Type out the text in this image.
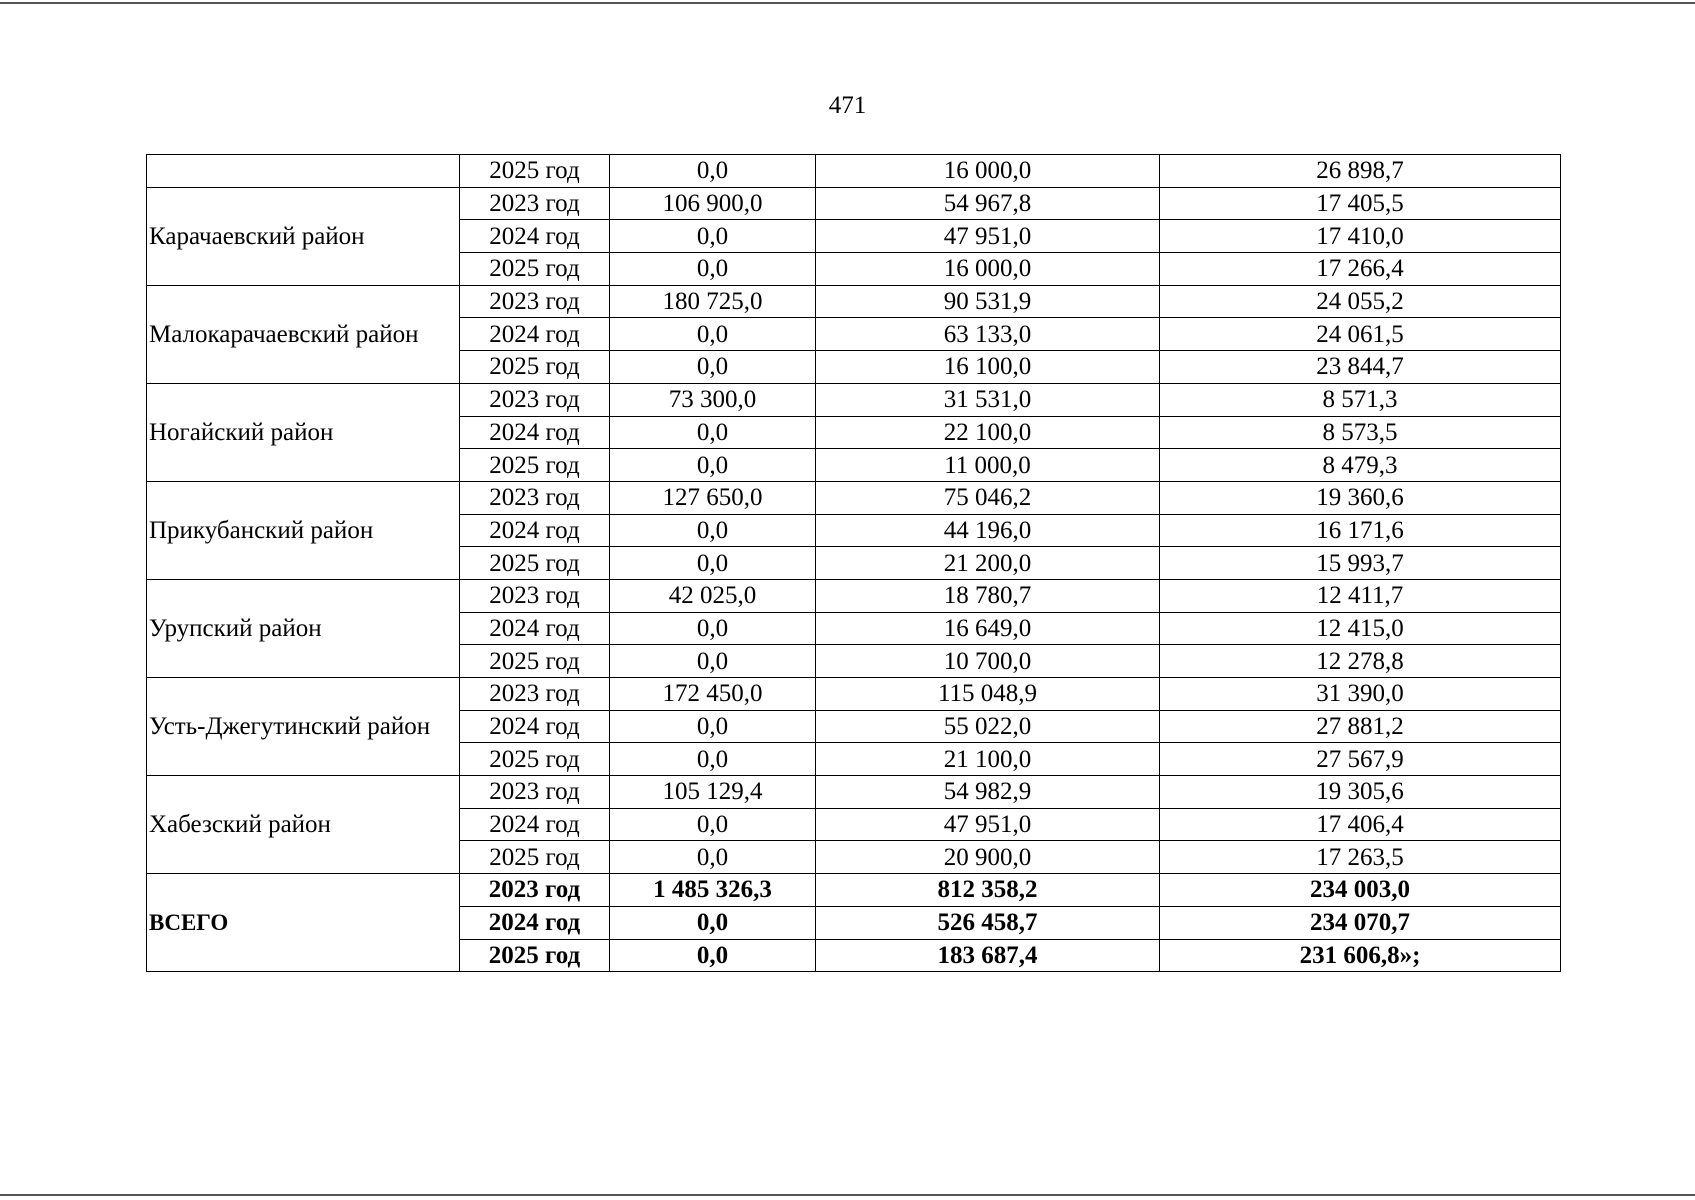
471
	2025 год	0,0	16 000,0	26 898,7
Карачаевский район	2023 год	106 900,0	54 967,8	17 405,5
	2024 год	0,0	47 951,0	17 410,0
	2025 год	0,0	16 000,0	17 266,4
Малокарачаевский район	2023 год	180 725,0	90 531,9	24 055,2
	2024 год	0,0	63 133,0	24 061,5
	2025 год	0,0	16 100,0	23 844,7
Ногайский район	2023 год	73 300,0	31 531,0	8 571,3
	2024 год	0,0	22 100,0	8 573,5
	2025 год	0,0	11 000,0	8 479,3
Прикубанский район	2023 год	127 650,0	75 046,2	19 360,6
	2024 год	0,0	44 196,0	16 171,6
	2025 год	0,0	21 200,0	15 993,7
Урупский район	2023 год	42 025,0	18 780,7	12 411,7
	2024 год	0,0	16 649,0	12 415,0
	2025 год	0,0	10 700,0	12 278,8
Усть-Джегутинский район	2023 год	172 450,0	115 048,9	31 390,0
	2024 год	0,0	55 022,0	27 881,2
	2025 год	0,0	21 100,0	27 567,9
Хабезский район	2023 год	105 129,4	54 982,9	19 305,6
	2024 год	0,0	47 951,0	17 406,4
	2025 год	0,0	20 900,0	17 263,5
ВСЕГО	2023 год	1 485 326,3	812 358,2	234 003,0
	2024 год	0,0	526 458,7	234 070,7
	2025 год	0,0	183 687,4	231 606,8»;
